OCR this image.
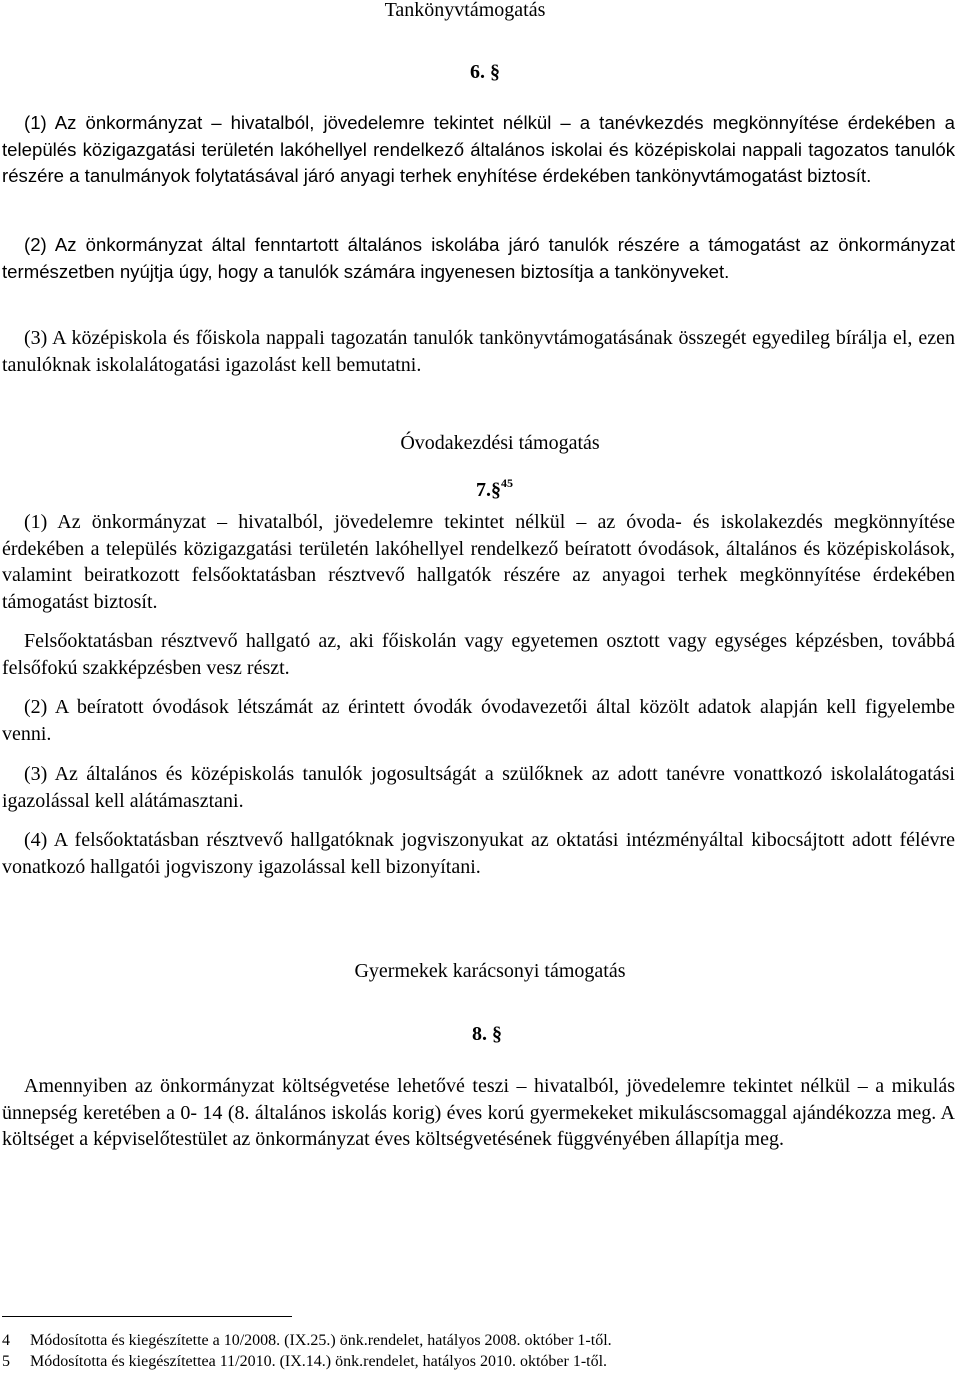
Tankönyvtámogatás
6. §

(1) Az önkormányzat – hivatalból, jövedelemre tekintet nélkül – a tanévkezdés megkönnyítése érdekében a település közigazgatási területén lakóhellyel rendelkező általános iskolai és középiskolai nappali tagozatos tanulók részére a tanulmányok folytatásával járó anyagi terhek enyhítése érdekében tankönyvtámogatást biztosít.

(2) Az önkormányzat által fenntartott általános iskolába járó tanulók részére a támogatást az önkormányzat természetben nyújtja úgy, hogy a tanulók számára ingyenesen biztosítja a tankönyveket.

(3) A középiskola és főiskola nappali tagozatán tanulók tankönyvtámogatásának összegét egyedileg bírálja el, ezen tanulóknak iskolalátogatási igazolást kell bemutatni.

Óvodakezdési támogatás
7.§$^{45}$

(1) Az önkormányzat – hivatalból, jövedelemre tekintet nélkül – az óvoda- és iskolakezdés megkönnyítése érdekében a település közigazgatási területén lakóhellyel rendelkező beíratott óvodások, általános és középiskolások, valamint beiratkozott felsőoktatásban résztvevő hallgatók részére az anyagoi terhek megkönnyítése érdekében támogatást biztosít.

Felsőoktatásban résztvevő hallgató az, aki főiskolán vagy egyetemen osztott vagy egységes képzésben, továbbá felsőfokú szakképzésben vesz részt.

(2) A beíratott óvodások létszámát az érintett óvodák óvodavezetői által közölt adatok alapján kell figyelembe venni.

(3) Az általános és középiskolás tanulók jogosultságát a szülőknek az adott tanévre vonattkozó iskolalátogatási igazolással kell alátámasztani.

(4) A felsőoktatásban résztvevő hallgatóknak jogviszonyukat az oktatási intézményáltal kibocsájtott adott félévre vonatkozó hallgatói jogviszony igazolással kell bizonyítani.

Gyermekek karácsonyi támogatás
8. §

Amennyiben az önkormányzat költségvetése lehetővé teszi – hivatalból, jövedelemre tekintet nélkül – a mikulás ünnepség keretében a 0- 14 (8. általános iskolás korig) éves korú gyermekeket mikuláscsomaggal ajándékozza meg. A költséget a képviselőtestület az önkormányzat éves költségvetésének függvényében állapítja meg.

4 Módosította és kiegészítette a 10/2008. (IX.25.) önk.rendelet, hatályos 2008. október 1-től.
5 Módosította és kiegészítettea 11/2010. (IX.14.) önk.rendelet, hatályos 2010. október 1-től.
